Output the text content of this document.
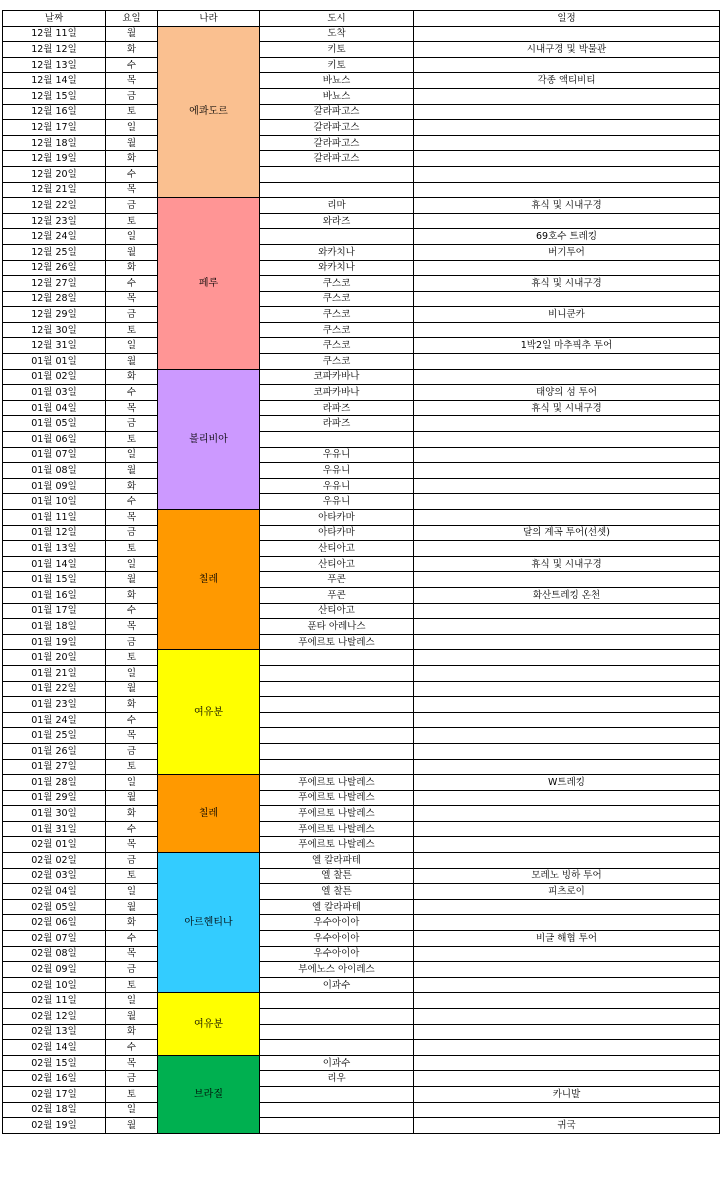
날짜	요일	나라	도시	일정
12월 11일	월	에콰도르	도착	
12월 12일	화		키토	시내구경 및 박물관
12월 13일	수		키토	
12월 14일	목		바뇨스	각종 액티비티
12월 15일	금		바뇨스	
12월 16일	토		갈라파고스	
12월 17일	일		갈라파고스	
12월 18일	월		갈라파고스	
12월 19일	화		갈라파고스	
12월 20일	수			
12월 21일	목			
12월 22일	금	페루	리마	휴식 및 시내구경
12월 23일	토		와라즈	
12월 24일	일			69호수 트레킹
12월 25일	월		와카치나	버기투어
12월 26일	화		와카치나	
12월 27일	수		쿠스코	휴식 및 시내구경
12월 28일	목		쿠스코	
12월 29일	금		쿠스코	비니쿤카
12월 30일	토		쿠스코	
12월 31일	일		쿠스코	1박2일 마추픽추 투어
01월 01일	월		쿠스코	
01월 02일	화	볼리비아	코파카바나	
01월 03일	수		코파카바나	태양의 섬 투어
01월 04일	목		라파즈	휴식 및 시내구경
01월 05일	금		라파즈	
01월 06일	토			
01월 07일	일		우유니	
01월 08일	월		우유니	
01월 09일	화		우유니	
01월 10일	수		우유니	
01월 11일	목	칠레	아타카마	
01월 12일	금		아타카마	달의 계곡 투어(선셋)
01월 13일	토		산티아고	
01월 14일	일		산티아고	휴식 및 시내구경
01월 15일	월		푸콘	
01월 16일	화		푸콘	화산트레킹 온천
01월 17일	수		산티아고	
01월 18일	목		푼타 아레나스	
01월 19일	금		푸에르토 나탈레스	
01월 20일	토	여유분		
01월 21일	일			
01월 22일	월			
01월 23일	화			
01월 24일	수			
01월 25일	목			
01월 26일	금			
01월 27일	토			
01월 28일	일	칠레	푸에르토 나탈레스	W트레킹
01월 29일	월		푸에르토 나탈레스	
01월 30일	화		푸에르토 나탈레스	
01월 31일	수		푸에르토 나탈레스	
02월 01일	목		푸에르토 나탈레스	
02월 02일	금	아르헨티나	엘 칼라파테	
02월 03일	토		엘 찰튼	모레노 빙하 투어
02월 04일	일		엘 찰튼	피츠로이
02월 05일	월		엘 칼라파테	
02월 06일	화		우수아이아	
02월 07일	수		우수아이아	비글 해협 투어
02월 08일	목		우수아이아	
02월 09일	금		부에노스 아이레스	
02월 10일	토		이과수	
02월 11일	일	여유분		
02월 12일	월			
02월 13일	화			
02월 14일	수			
02월 15일	목	브라질	이과수	
02월 16일	금		리우	
02월 17일	토			카니발
02월 18일	일			
02월 19일	월			귀국
